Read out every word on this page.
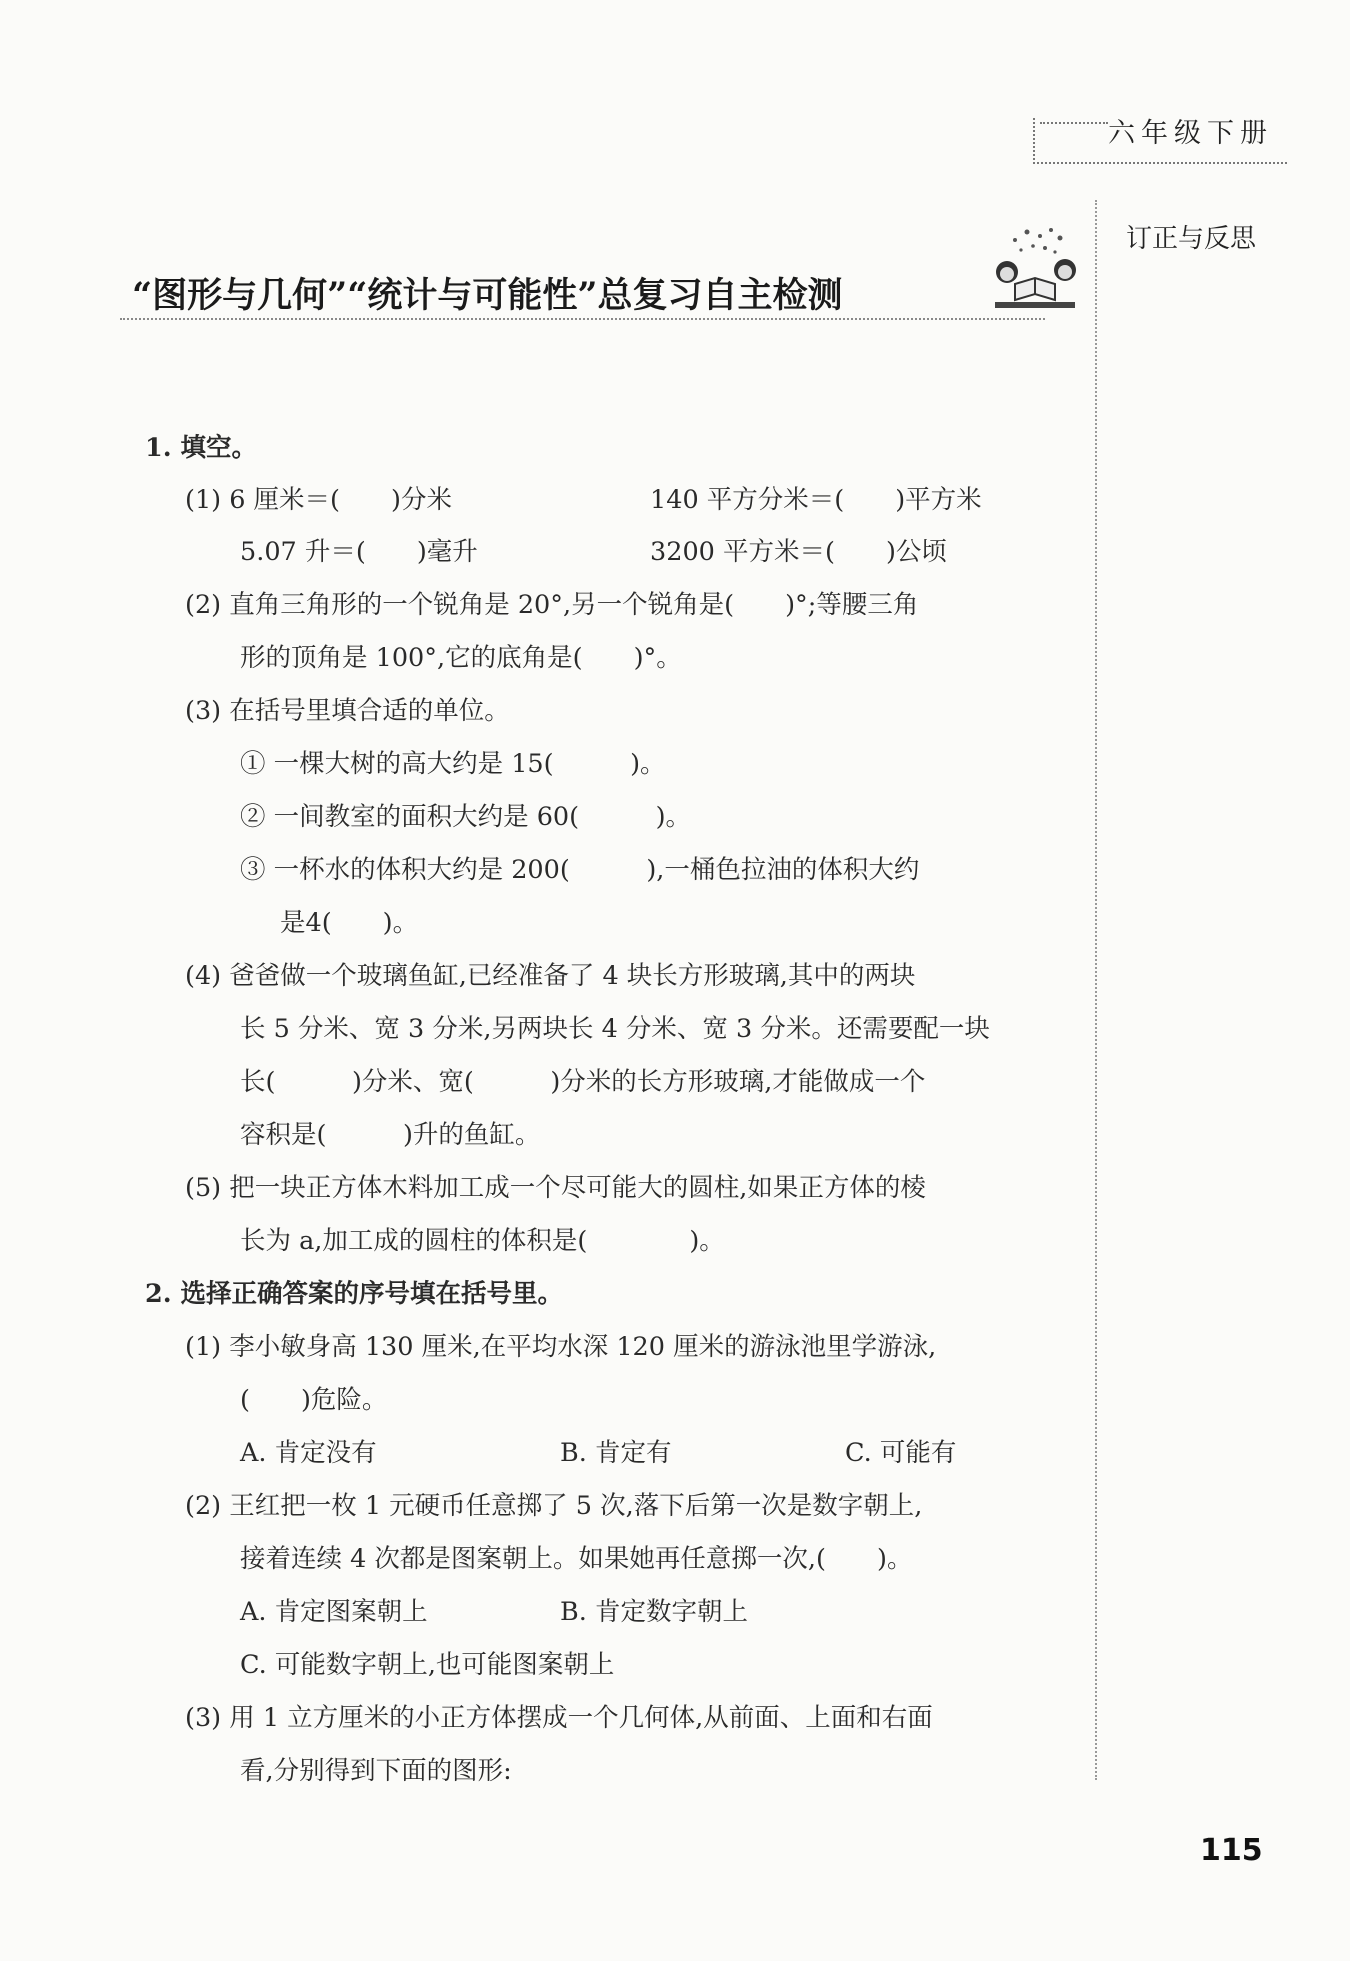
六年级下册
订正与反思
“图形与几何”“统计与可能性”总复习自主检测
1. 填空。
(1) 6 厘米＝(　　)分米	140 平方分米＝(　　)平方米
5.07 升＝(　　)毫升	3200 平方米＝(　　)公顷
(2) 直角三角形的一个锐角是 20°,另一个锐角是(　　)°;等腰三角
形的顶角是 100°,它的底角是(　　)°。
(3) 在括号里填合适的单位。
① 一棵大树的高大约是 15(　　　)。
② 一间教室的面积大约是 60(　　　)。
③ 一杯水的体积大约是 200(　　　),一桶色拉油的体积大约
是4(　　)。
(4) 爸爸做一个玻璃鱼缸,已经准备了 4 块长方形玻璃,其中的两块
长 5 分米、宽 3 分米,另两块长 4 分米、宽 3 分米。还需要配一块
长(　　　)分米、宽(　　　)分米的长方形玻璃,才能做成一个
容积是(　　　)升的鱼缸。
(5) 把一块正方体木料加工成一个尽可能大的圆柱,如果正方体的棱
长为 a,加工成的圆柱的体积是(　　　　)。
2. 选择正确答案的序号填在括号里。
(1) 李小敏身高 130 厘米,在平均水深 120 厘米的游泳池里学游泳,
(　　)危险。
A. 肯定没有	B. 肯定有	C. 可能有
(2) 王红把一枚 1 元硬币任意掷了 5 次,落下后第一次是数字朝上,
接着连续 4 次都是图案朝上。如果她再任意掷一次,(　　)。
A. 肯定图案朝上	B. 肯定数字朝上
C. 可能数字朝上,也可能图案朝上
(3) 用 1 立方厘米的小正方体摆成一个几何体,从前面、上面和右面
看,分别得到下面的图形:
115
